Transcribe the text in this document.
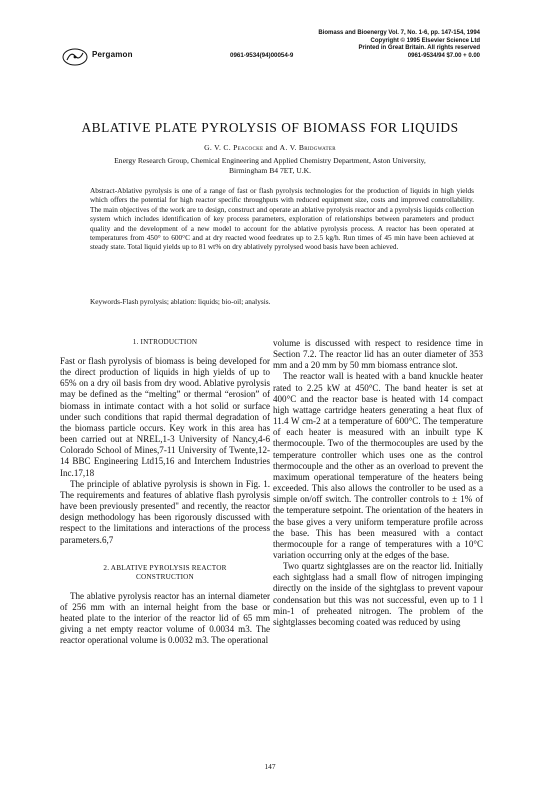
Pergamon
Biomass and Bioenergy Vol. 7, No. 1-6, pp. 147-154, 1994
Copyright © 1995 Elsevier Science Ltd
Printed in Great Britain. All rights reserved
0961-9534/94 $7.00 + 0.00
0961-9534(94)00054-9
ABLATIVE PLATE PYROLYSIS OF BIOMASS FOR LIQUIDS
G. V. C. Peacocke and A. V. Bridgwater
Energy Research Group, Chemical Engineering and Applied Chemistry Department, Aston University,
Birmingham B4 7ET, U.K.

Abstract-Ablative pyrolysis is one of a range of fast or flash pyrolysis technologies for the production of liquids in high yields which offers the potential for high reactor specific throughputs with reduced equipment size, costs and improved controllability. The main objectives of the work are to design, construct and operate an ablative pyrolysis reactor and a pyrolysis liquids collection system which includes identification of key process parameters, exploration of relationships between parameters and product quality and the development of a new model to account for the ablative pyrolysis process. A reactor has been operated at temperatures from 450° to 600°C and at dry reacted wood feedrates up to 2.5 kg/h. Run times of 45 min have been achieved at steady state. Total liquid yields up to 81 wt% on dry ablatively pyrolysed wood basis have been achieved.

Keywords-Flash pyrolysis; ablation: liquids; bio-oil; analysis.

1. INTRODUCTION

Fast or flash pyrolysis of biomass is being developed for the direct production of liquids in high yields of up to 65% on a dry oil basis from dry wood. Ablative pyrolysis may be defined as the “melting” or thermal “erosion” of biomass in intimate contact with a hot solid or surface under such conditions that rapid thermal degradation of the biomass particle occurs. Key work in this area has been carried out at NREL,1-3 University of Nancy,4-6 Colorado School of Mines,7-11 University of Twente,12-14 BBC Engineering Ltd15,16 and Interchem Industries Inc.17,18

The principle of ablative pyrolysis is shown in Fig. 1. The requirements and features of ablative flash pyrolysis have been previously presented" and recently, the reactor design methodology has been rigorously discussed with respect to the limitations and interactions of the process parameters.6,7

2. ABLATIVE PYROLYSIS REACTOR
CONSTRUCTION

The ablative pyrolysis reactor has an internal diameter of 256 mm with an internal height from the base or heated plate to the interior of the reactor lid of 65 mm giving a net empty reactor volume of 0.0034 m3. The reactor operational volume is 0.0032 m3. The operational

volume is discussed with respect to residence time in Section 7.2. The reactor lid has an outer diameter of 353 mm and a 20 mm by 50 mm biomass entrance slot.

The reactor wall is heated with a band knuckle heater rated to 2.25 kW at 450°C. The band heater is set at 400°C and the reactor base is heated with 14 compact high wattage cartridge heaters generating a heat flux of 11.4 W cm-2 at a temperature of 600°C. The temperature of each heater is measured with an inbuilt type K thermocouple. Two of the thermocouples are used by the temperature controller which uses one as the control thermocouple and the other as an overload to prevent the maximum operational temperature of the heaters being exceeded. This also allows the controller to be used as a simple on/off switch. The controller controls to ± 1% of the temperature setpoint. The orientation of the heaters in the base gives a very uniform temperature profile across the base. This has been measured with a contact thermocouple for a range of temperatures with a 10°C variation occurring only at the edges of the base.

Two quartz sightglasses are on the reactor lid. Initially each sightglass had a small flow of nitrogen impinging directly on the inside of the sightglass to prevent vapour condensation but this was not successful, even up to 1 l min-1 of preheated nitrogen. The problem of the sightglasses becoming coated was reduced by using

147
